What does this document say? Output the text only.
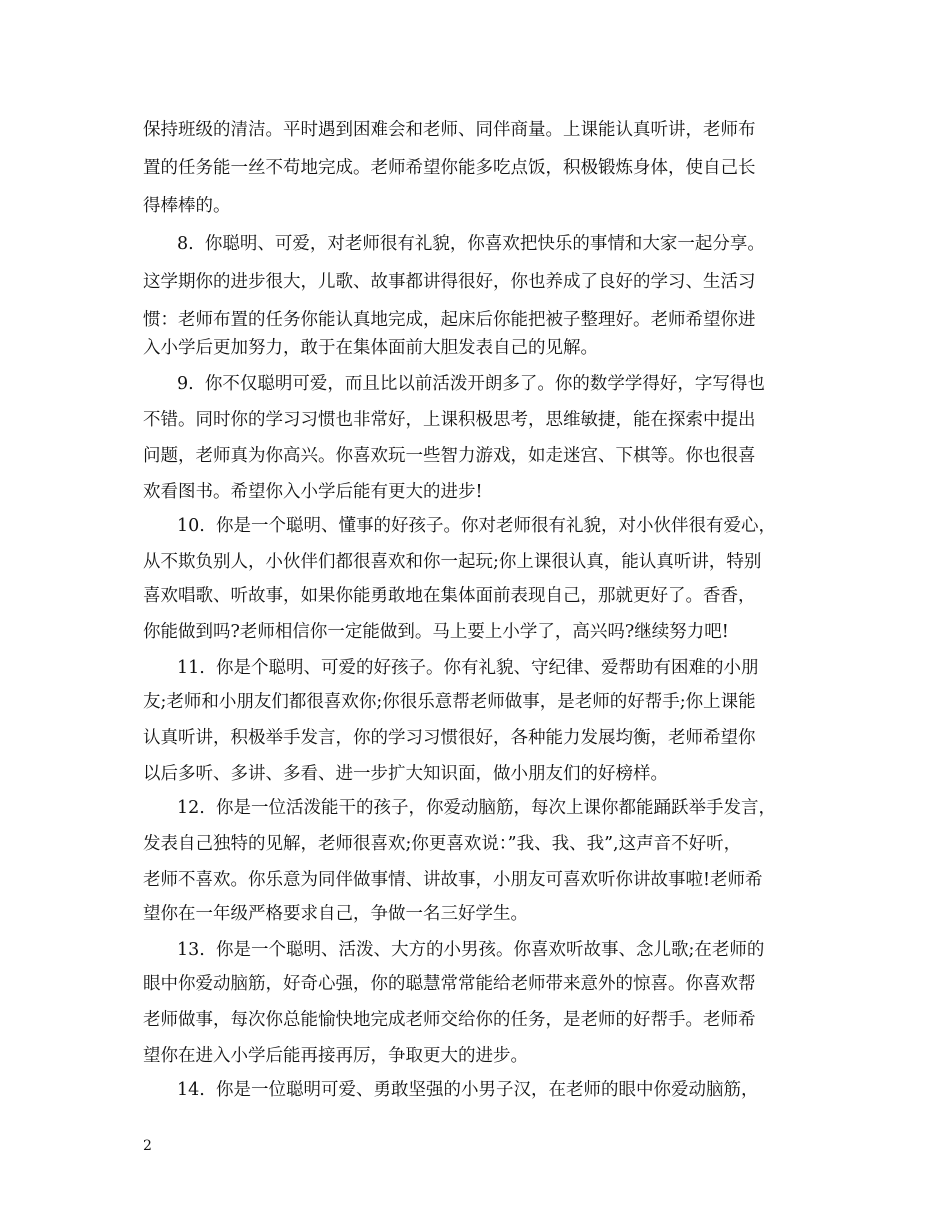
保持班级的清洁。平时遇到困难会和老师、同伴商量。上课能认真听讲，老师布
置的任务能一丝不苟地完成。老师希望你能多吃点饭，积极锻炼身体，使自己长
得棒棒的。
8.  你聪明、可爱，对老师很有礼貌，你喜欢把快乐的事情和大家一起分享。
这学期你的进步很大，儿歌、故事都讲得很好，你也养成了良好的学习、生活习
惯：老师布置的任务你能认真地完成，起床后你能把被子整理好。老师希望你进
入小学后更加努力，敢于在集体面前大胆发表自己的见解。
9.  你不仅聪明可爱，而且比以前活泼开朗多了。你的数学学得好，字写得也
不错。同时你的学习习惯也非常好，上课积极思考，思维敏捷，能在探索中提出
问题，老师真为你高兴。你喜欢玩一些智力游戏，如走迷宫、下棋等。你也很喜
欢看图书。希望你入小学后能有更大的进步!
10.  你是一个聪明、懂事的好孩子。你对老师很有礼貌，对小伙伴很有爱心，
从不欺负别人，小伙伴们都很喜欢和你一起玩;你上课很认真，能认真听讲，特别
喜欢唱歌、听故事，如果你能勇敢地在集体面前表现自己，那就更好了。香香，
你能做到吗?老师相信你一定能做到。马上要上小学了，高兴吗?继续努力吧!
11.  你是个聪明、可爱的好孩子。你有礼貌、守纪律、爱帮助有困难的小朋
友;老师和小朋友们都很喜欢你;你很乐意帮老师做事，是老师的好帮手;你上课能
认真听讲，积极举手发言，你的学习习惯很好，各种能力发展均衡，老师希望你
以后多听、多讲、多看、进一步扩大知识面，做小朋友们的好榜样。
12.  你是一位活泼能干的孩子，你爱动脑筋，每次上课你都能踊跃举手发言，
发表自己独特的见解，老师很喜欢;你更喜欢说：”我、我、我”,这声音不好听，
老师不喜欢。你乐意为同伴做事情、讲故事，小朋友可喜欢听你讲故事啦!老师希
望你在一年级严格要求自己，争做一名三好学生。
13.  你是一个聪明、活泼、大方的小男孩。你喜欢听故事、念儿歌;在老师的
眼中你爱动脑筋，好奇心强，你的聪慧常常能给老师带来意外的惊喜。你喜欢帮
老师做事，每次你总能愉快地完成老师交给你的任务，是老师的好帮手。老师希
望你在进入小学后能再接再厉，争取更大的进步。
14.  你是一位聪明可爱、勇敢坚强的小男子汉，在老师的眼中你爱动脑筋，
2
